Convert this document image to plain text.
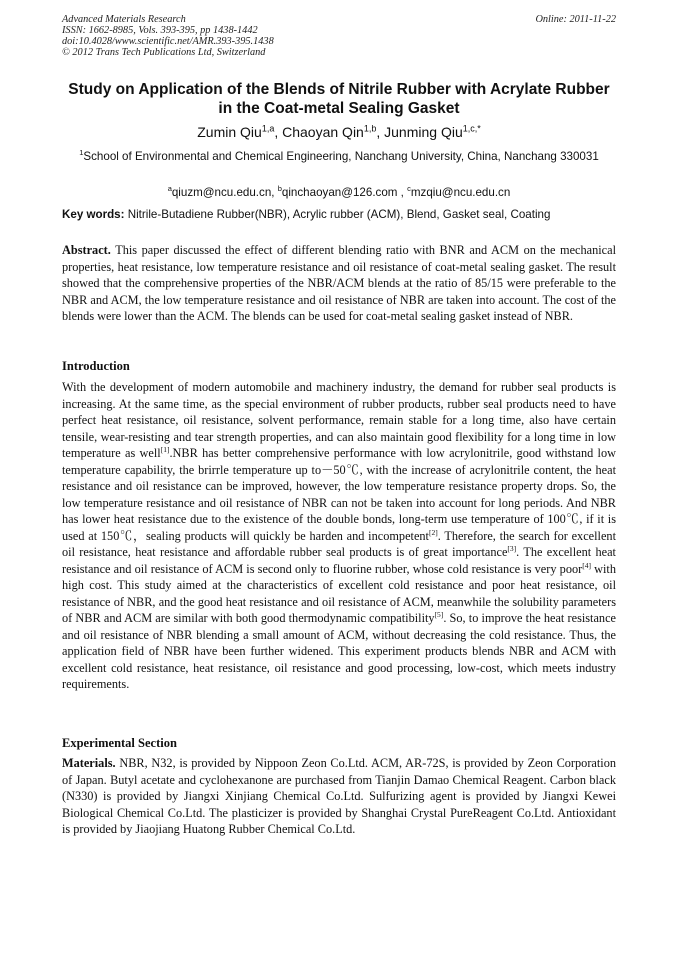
Advanced Materials Research
ISSN: 1662-8985, Vols. 393-395, pp 1438-1442
doi:10.4028/www.scientific.net/AMR.393-395.1438
© 2012 Trans Tech Publications Ltd, Switzerland
Online: 2011-11-22
Study on Application of the Blends of Nitrile Rubber with Acrylate Rubber in the Coat-metal Sealing Gasket
Zumin Qiu$^{1,a}$, Chaoyan Qin$^{1,b}$, Junming Qiu$^{1,c,*}$
$^1$School of Environmental and Chemical Engineering, Nanchang University, China, Nanchang 330031
$^a$qiuzm@ncu.edu.cn, $^b$qinchaoyan@126.com , $^c$mzqiu@ncu.edu.cn
Key words: Nitrile-Butadiene Rubber(NBR), Acrylic rubber (ACM), Blend, Gasket seal, Coating
Abstract. This paper discussed the effect of different blending ratio with BNR and ACM on the mechanical properties, heat resistance, low temperature resistance and oil resistance of coat-metal sealing gasket. The result showed that the comprehensive properties of the NBR/ACM blends at the ratio of 85/15 were preferable to the NBR and ACM, the low temperature resistance and oil resistance of NBR are taken into account. The cost of the blends were lower than the ACM. The blends can be used for coat-metal sealing gasket instead of NBR.
Introduction
With the development of modern automobile and machinery industry, the demand for rubber seal products is increasing. At the same time, as the special environment of rubber products, rubber seal products need to have perfect heat resistance, oil resistance, solvent performance, remain stable for a long time, also have certain tensile, wear-resisting and tear strength properties, and can also maintain good flexibility for a long time in low temperature as well[1].NBR has better comprehensive performance with low acrylonitrile, good withstand low temperature capability, the brirrle temperature up to－50℃, with the increase of acrylonitrile content, the heat resistance and oil resistance can be improved, however, the low temperature resistance property drops. So, the low temperature resistance and oil resistance of NBR can not be taken into account for long periods. And NBR has lower heat resistance due to the existence of the double bonds, long-term use temperature of 100℃, if it is used at 150℃，sealing products will quickly be harden and incompetent[2]. Therefore, the search for excellent oil resistance, heat resistance and affordable rubber seal products is of great importance[3]. The excellent heat resistance and oil resistance of ACM is second only to fluorine rubber, whose cold resistance is very poor[4] with high cost. This study aimed at the characteristics of excellent cold resistance and poor heat resistance, oil resistance of NBR, and the good heat resistance and oil resistance of ACM, meanwhile the solubility parameters of NBR and ACM are similar with both good thermodynamic compatibility[5]. So, to improve the heat resistance and oil resistance of NBR blending a small amount of ACM, without decreasing the cold resistance. Thus, the application field of NBR have been further widened. This experiment products blends NBR and ACM with excellent cold resistance, heat resistance, oil resistance and good processing, low-cost, which meets industry requirements.
Experimental Section
Materials. NBR, N32, is provided by Nippoon Zeon Co.Ltd. ACM, AR-72S, is provided by Zeon Corporation of Japan. Butyl acetate and cyclohexanone are purchased from Tianjin Damao Chemical Reagent. Carbon black (N330) is provided by Jiangxi Xinjiang Chemical Co.Ltd. Sulfurizing agent is provided by Jiangxi Kewei Biological Chemical Co.Ltd. The plasticizer is provided by Shanghai Crystal PureReagent Co.Ltd. Antioxidant is provided by Jiaojiang Huatong Rubber Chemical Co.Ltd.
